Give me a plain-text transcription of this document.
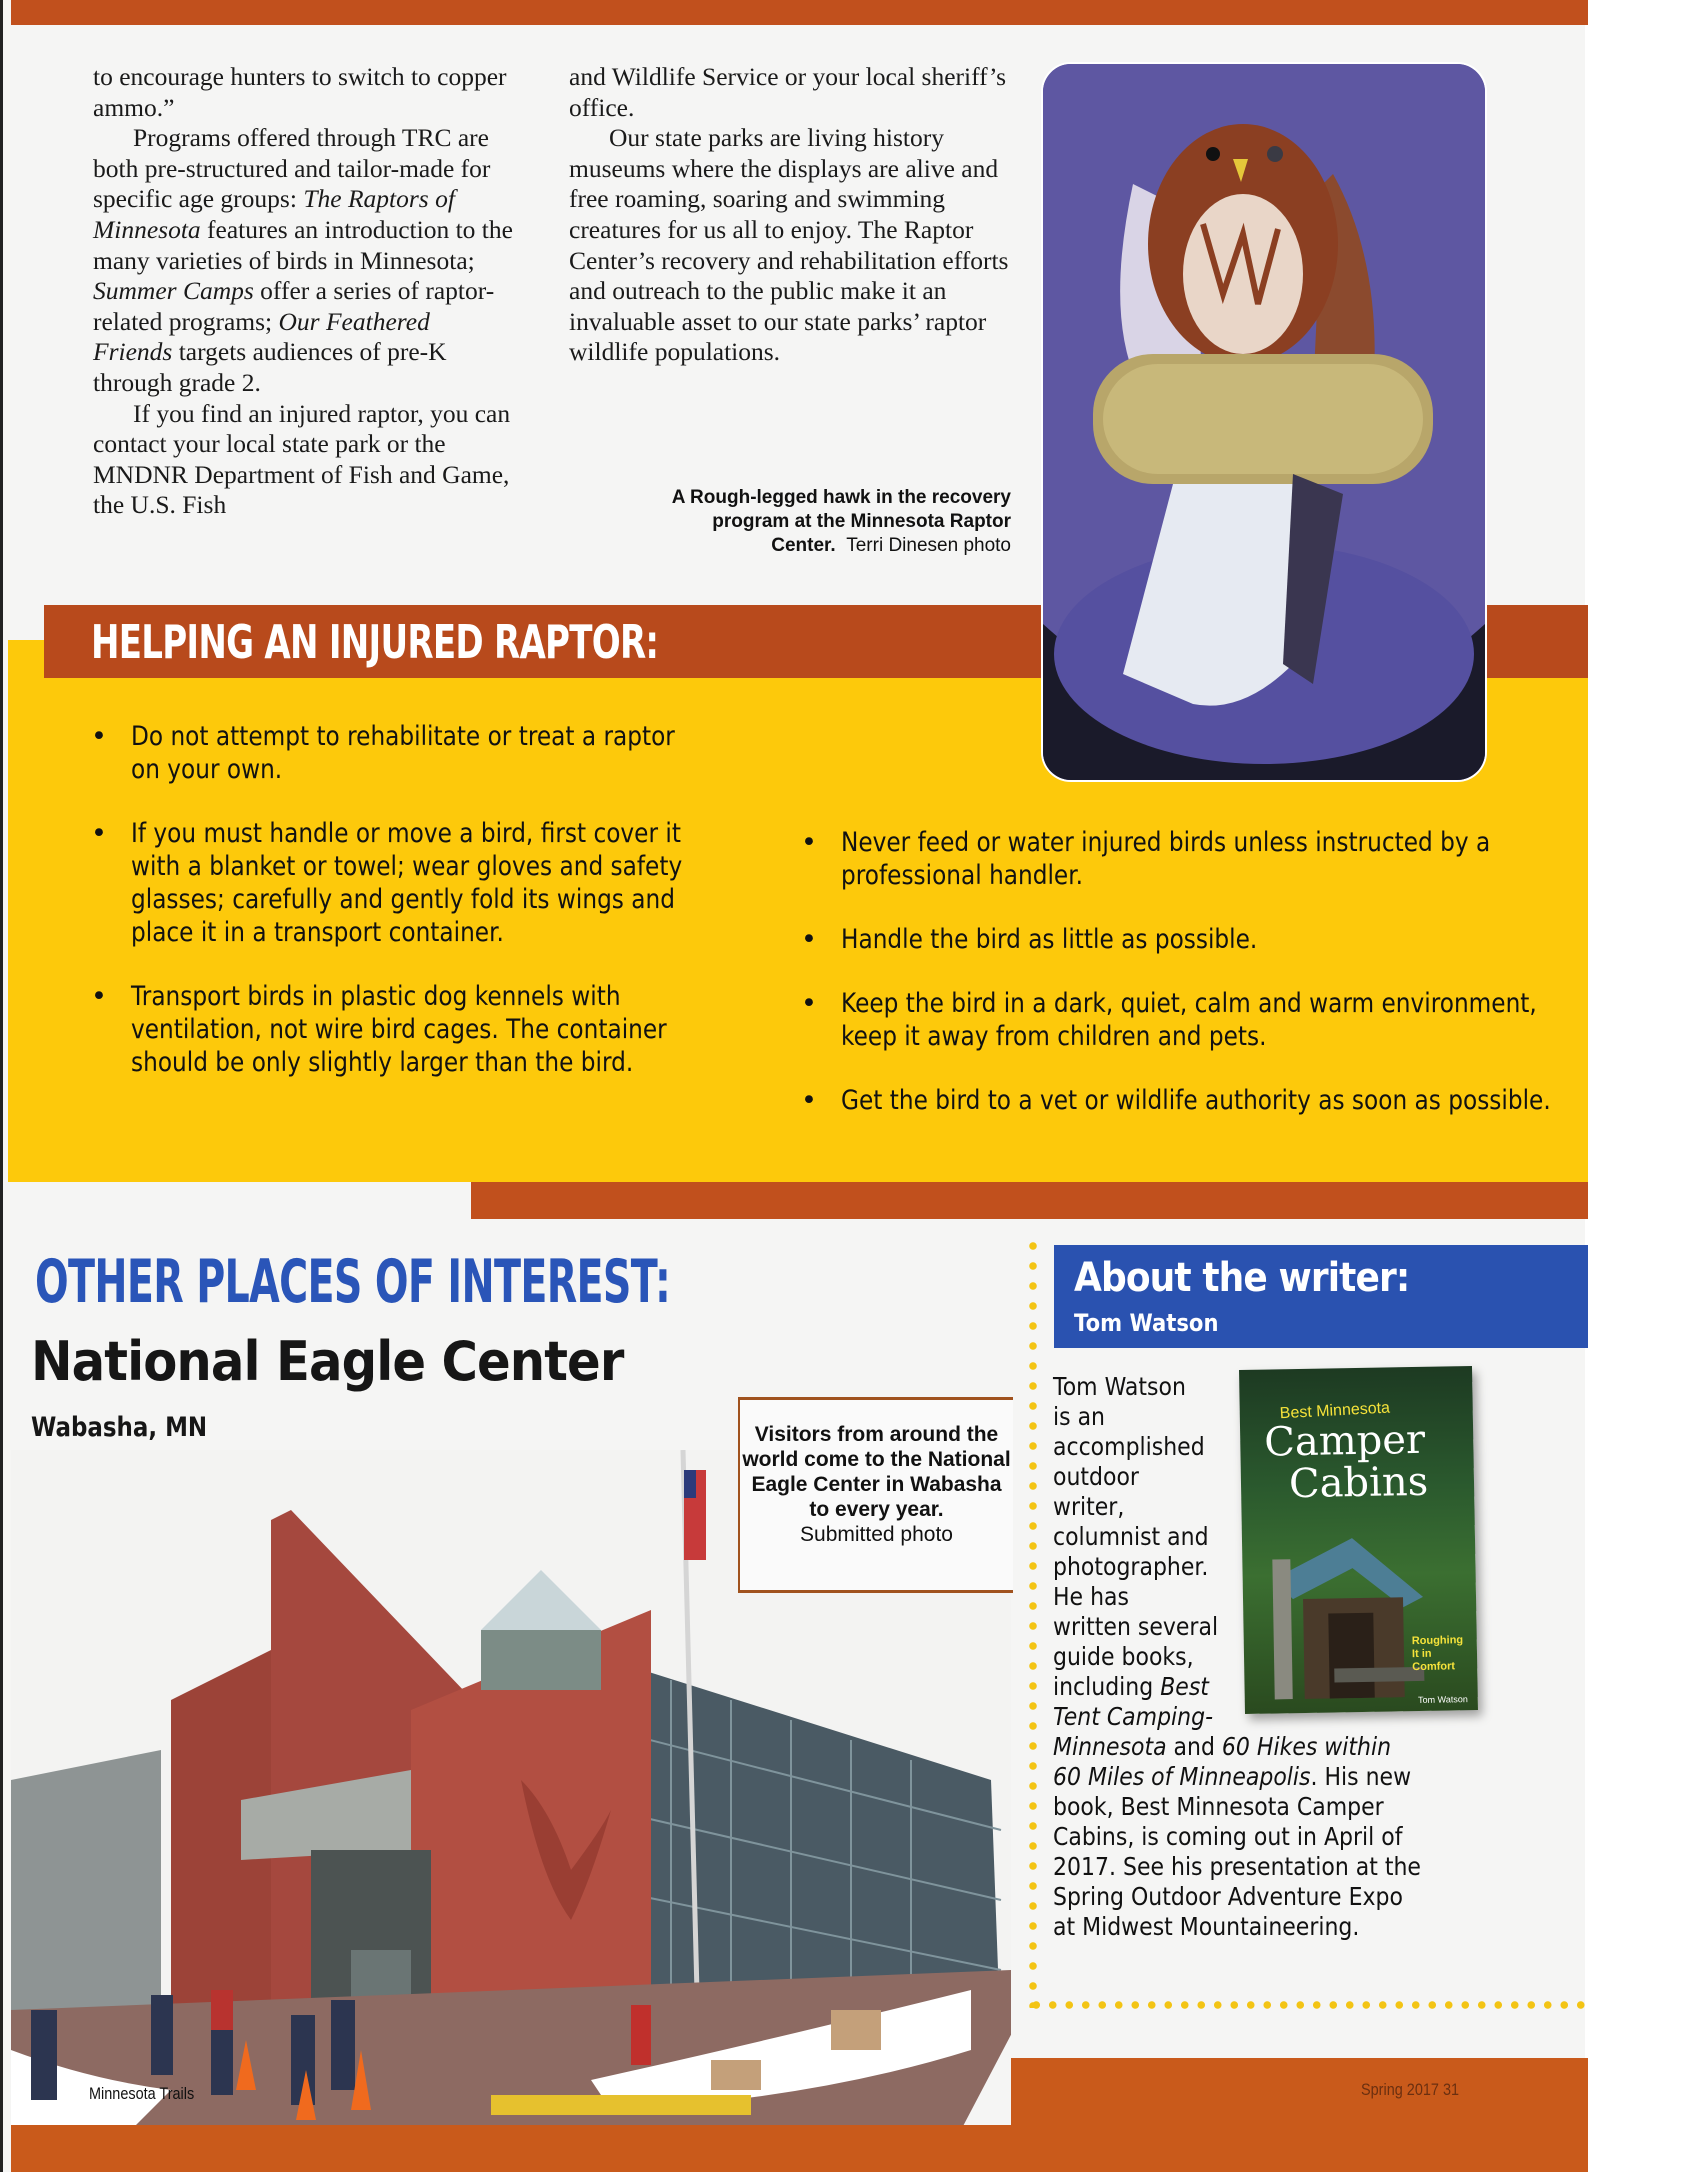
to encourage hunters to switch to copper ammo.”

Programs offered through TRC are both pre-structured and tailor-made for specific age groups: The Raptors of Minnesota features an introduction to the many varieties of birds in Minnesota; Summer Camps offer a series of raptor-related programs; Our Feathered Friends targets audiences of pre-K through grade 2.

If you find an injured raptor, you can contact your local state park or the MNDNR Department of Fish and Game, the U.S. Fish

and Wildlife Service or your local sheriff’s office.

Our state parks are living history museums where the displays are alive and free roaming, soaring and swimming creatures for us all to enjoy. The Raptor Center’s recovery and rehabilitation efforts and outreach to the public make it an invaluable asset to our state parks’ raptor wildlife populations.

A Rough-legged hawk in the recovery program at the Minnesota Raptor Center. Terri Dinesen photo
HELPING AN INJURED RAPTOR:
• Do not attempt to rehabilitate or treat a raptor on your own.
• If you must handle or move a bird, first cover it with a blanket or towel; wear gloves and safety glasses; carefully and gently fold its wings and place it in a transport container.
• Transport birds in plastic dog kennels with ventilation, not wire bird cages. The container should be only slightly larger than the bird.
• Never feed or water injured birds unless instructed by a professional handler.
• Handle the bird as little as possible.
• Keep the bird in a dark, quiet, calm and warm environment, keep it away from children and pets.
• Get the bird to a vet or wildlife authority as soon as possible.
OTHER PLACES OF INTEREST:
National Eagle Center
Wabasha, MN	Visitors from around the world come to the National Eagle Center in Wabasha to every year.
Submitted photo
About the writer:
Tom Watson
Tom Watson
is an
accomplished
outdoor
writer,
columnist and
photographer.
He has
written several
guide books,
including Best
Tent Camping-
Minnesota and 60 Hikes within
60 Miles of Minneapolis. His new
book, Best Minnesota Camper
Cabins, is coming out in April of
2017. See his presentation at the
Spring Outdoor Adventure Expo
at Midwest Mountaineering.
Best Minnesota
Camper
Cabins
Roughing It in Comfort
Tom Watson
Minnesota Trails	Spring 2017 31
